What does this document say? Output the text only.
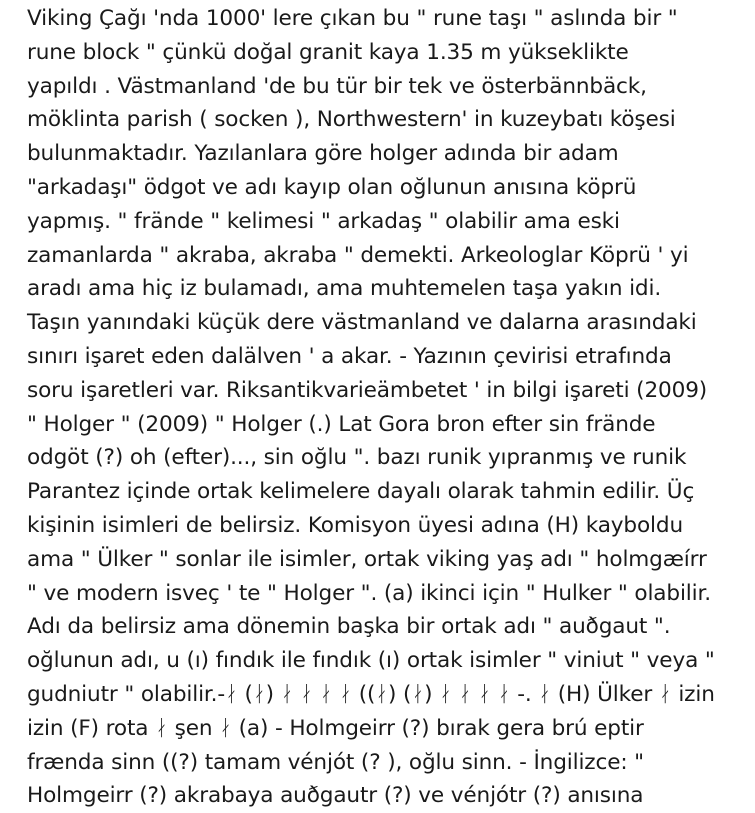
Viking Çağı 'nda 1000' lere çıkan bu " rune taşı " aslında bir "
rune block " çünkü doğal granit kaya 1.35 m yükseklikte
yapıldı . Västmanland 'de bu tür bir tek ve österbännbäck,
möklinta parish ( socken ), Northwestern' in kuzeybatı köşesi
bulunmaktadır. Yazılanlara göre holger adında bir adam
"arkadaşı" ödgot ve adı kayıp olan oğlunun anısına köprü
yapmış. " frände " kelimesi " arkadaş " olabilir ama eski
zamanlarda " akraba, akraba " demekti. Arkeologlar Köprü ' yi
aradı ama hiç iz bulamadı, ama muhtemelen taşa yakın idi.
Taşın yanındaki küçük dere västmanland ve dalarna arasındaki
sınırı işaret eden dalälven ' a akar. - Yazının çevirisi etrafında
soru işaretleri var. Riksantikvarieämbetet ' in bilgi işareti (2009)
" Holger " (2009) " Holger (.) Lat Gora bron efter sin frände
odgöt (?) oh (efter)..., sin oğlu ". bazı runik yıpranmış ve runik
Parantez içinde ortak kelimelere dayalı olarak tahmin edilir. Üç
kişinin isimleri de belirsiz. Komisyon üyesi adına (H) kayboldu
ama " Ülker " sonlar ile isimler, ortak viking yaş adı " holmgæírr
" ve modern isveç ' te " Holger ". (a) ikinci için " Hulker " olabilir.
Adı da belirsiz ama dönemin başka bir ortak adı " auðgaut ".
oğlunun adı, u (ı) fındık ile fındık (ı) ortak isimler " viniut " veya "
gudniutr " olabilir.-ᛅ (ᛅ) ᛅ ᛅ ᛅ ᛅ ((ᛅ) (ᛅ) ᛅ ᛅ ᛅ ᛅ -. ᛅ (H) Ülker ᛅ izin
izin (F) rota ᛅ şen ᛅ (a) - Holmgeirr (?) bırak gera brú eptir
frænda sinn ((?) tamam vénjót (? ), oğlu sinn. - İngilizce: "
Holmgeirr (?) akrabaya auðgautr (?) ve vénjótr (?) anısına
